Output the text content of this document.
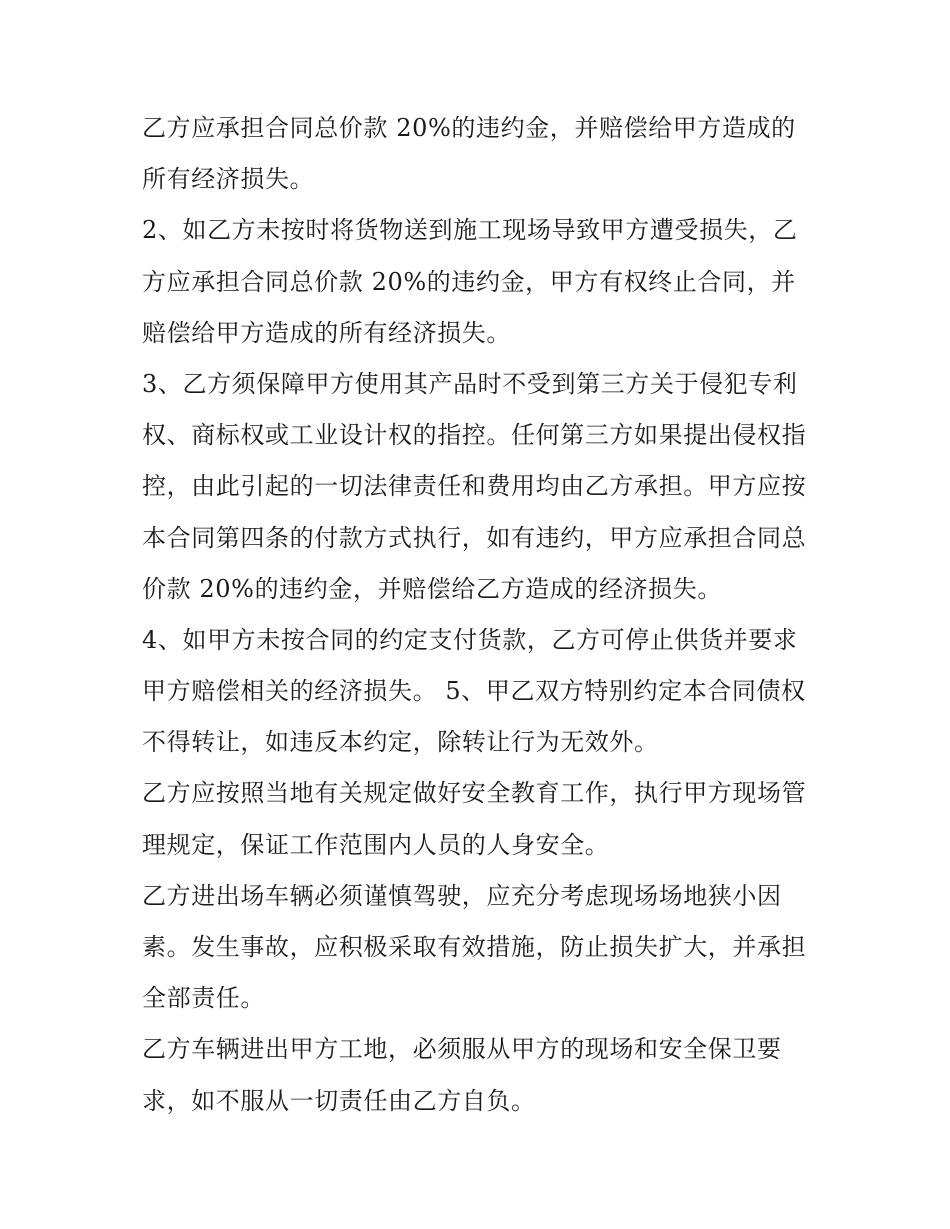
乙方应承担合同总价款 20%的违约金，并赔偿给甲方造成的
所有经济损失。
2、如乙方未按时将货物送到施工现场导致甲方遭受损失，乙
方应承担合同总价款 20%的违约金，甲方有权终止合同，并
赔偿给甲方造成的所有经济损失。
3、乙方须保障甲方使用其产品时不受到第三方关于侵犯专利
权、商标权或工业设计权的指控。任何第三方如果提出侵权指
控，由此引起的一切法律责任和费用均由乙方承担。甲方应按
本合同第四条的付款方式执行，如有违约，甲方应承担合同总
价款 20%的违约金，并赔偿给乙方造成的经济损失。
4、如甲方未按合同的约定支付货款，乙方可停止供货并要求
甲方赔偿相关的经济损失。 5、甲乙双方特别约定本合同债权
不得转让，如违反本约定，除转让行为无效外。
乙方应按照当地有关规定做好安全教育工作，执行甲方现场管
理规定，保证工作范围内人员的人身安全。
乙方进出场车辆必须谨慎驾驶，应充分考虑现场场地狭小因
素。发生事故，应积极采取有效措施，防止损失扩大，并承担
全部责任。
乙方车辆进出甲方工地，必须服从甲方的现场和安全保卫要
求，如不服从一切责任由乙方自负。
